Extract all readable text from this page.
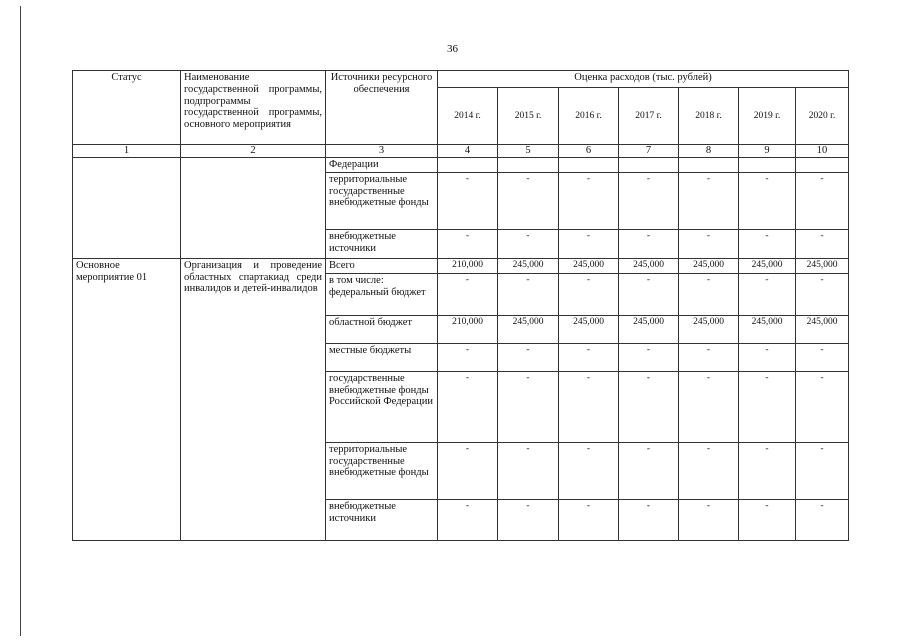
36
Статус	Наименование государственной программы, подпрограммы государственной программы, основного мероприятия	Источники ресурсного обеспечения	Оценка расходов (тыс. рублей)						
			2014 г.	2015 г.	2016 г.	2017 г.	2018 г.	2019 г.	2020 г.
1	2	3	4	5	6	7	8	9	10
		Федерации							
		территориальные государственные внебюджетные фонды	-	-	-	-	-	-	-
		внебюджетные источники	-	-	-	-	-	-	-
Основное мероприятие 01	Организация и проведение областных спартакиад среди инвалидов и детей-инвалидов	Всего	210,000	245,000	245,000	245,000	245,000	245,000	245,000
		в том числе: федеральный бюджет	-	-	-	-	-	-	-
		областной бюджет	210,000	245,000	245,000	245,000	245,000	245,000	245,000
		местные бюджеты	-	-	-	-	-	-	-
		государственные внебюджетные фонды Российской Федерации	-	-	-	-	-	-	-
		территориальные государственные внебюджетные фонды	-	-	-	-	-	-	-
		внебюджетные источники	-	-	-	-	-	-	-
